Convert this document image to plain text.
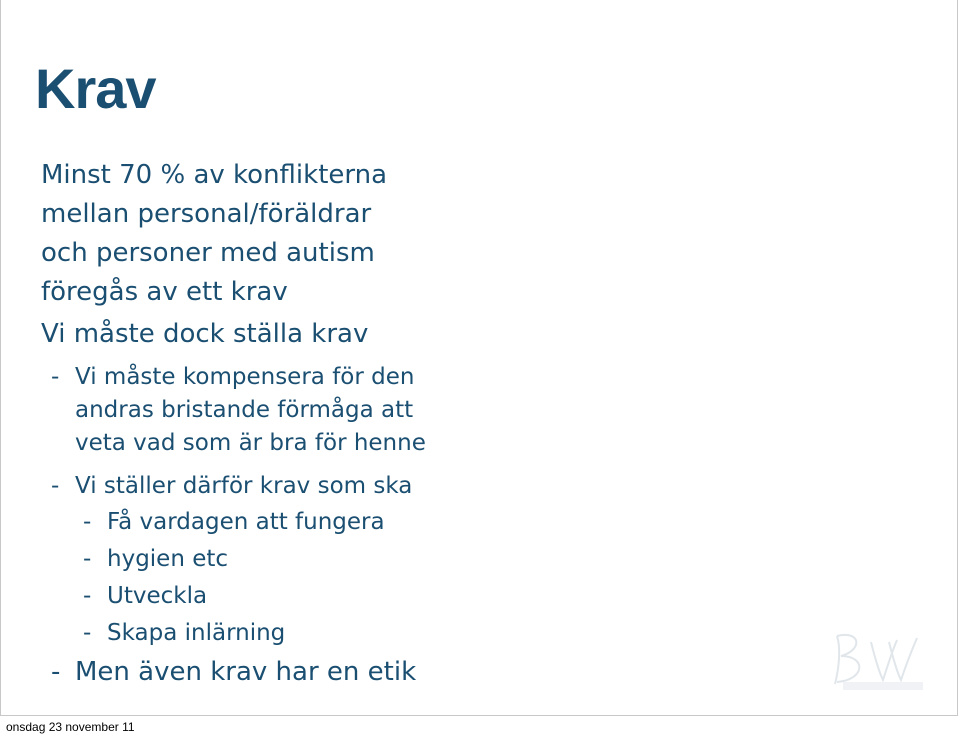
Krav

Minst 70 % av konflikterna

mellan personal/föräldrar

och personer med autism

föregås av ett krav

Vi måste dock ställa krav

- Vi måste kompensera för den
andras bristande förmåga att
veta vad som är bra för henne
- Vi ställer därför krav som ska
- Få vardagen att fungera
- hygien etc
- Utveckla
- Skapa inlärning
- Men även krav har en etik
onsdag 23 november 11
